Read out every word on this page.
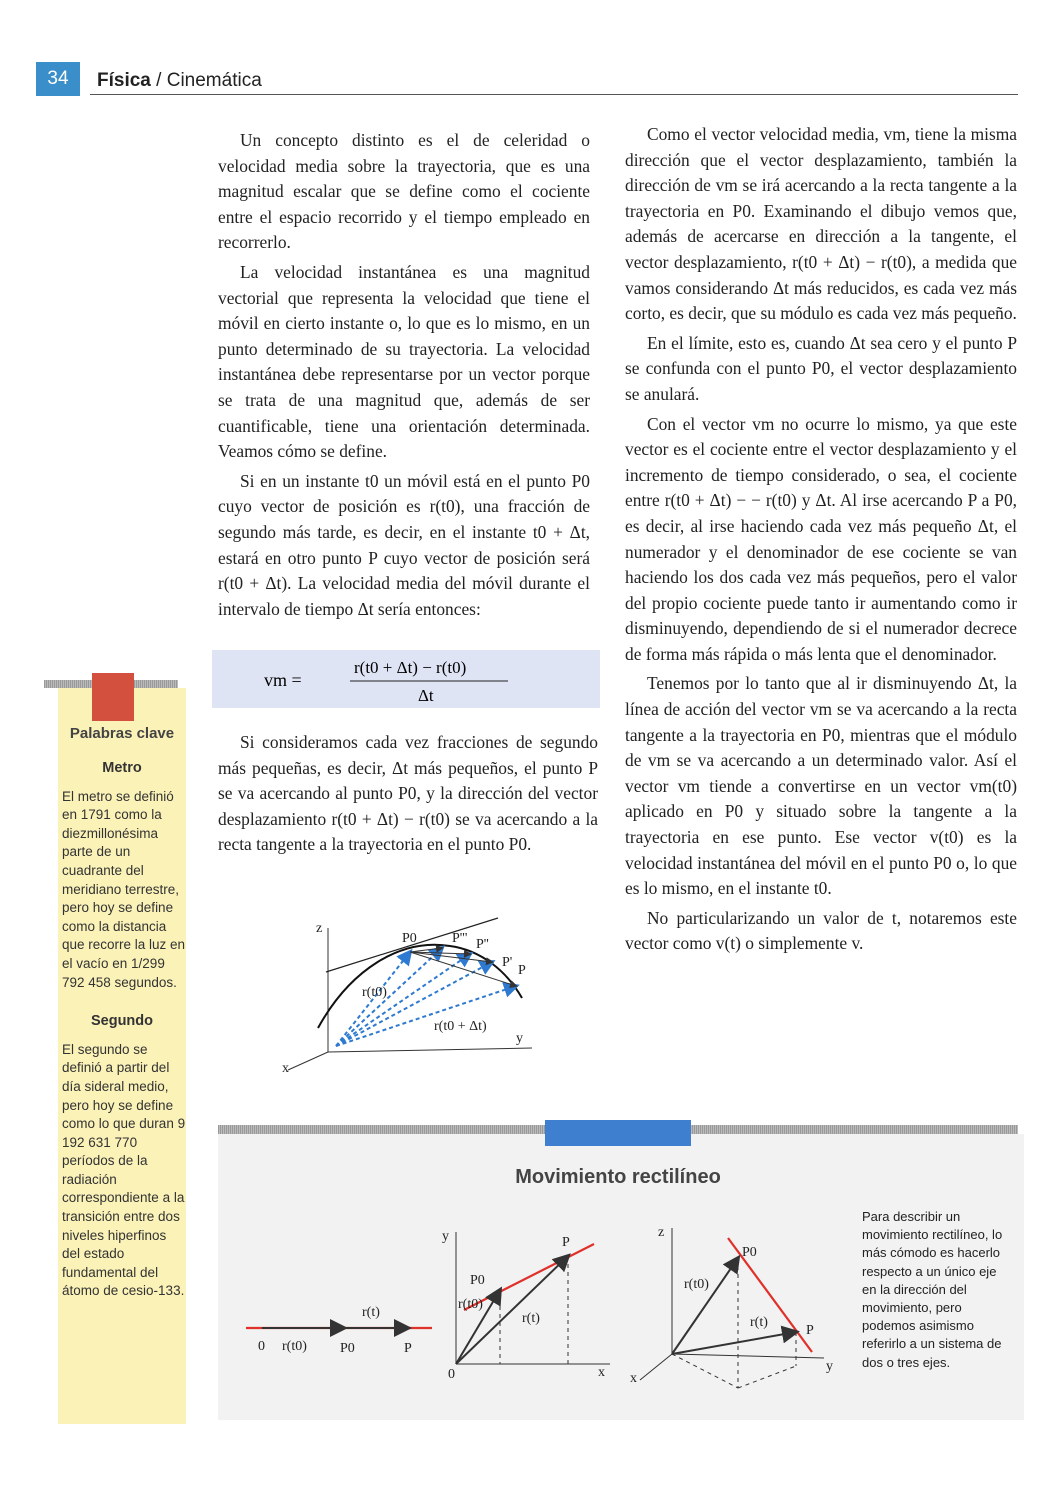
34	Física / Cinemática

Un concepto distinto es el de celeridad o velocidad media sobre la trayectoria, que es una magnitud escalar que se define como el cociente entre el espacio recorrido y el tiempo empleado en recorrerlo.

La velocidad instantánea es una magnitud vectorial que representa la velocidad que tiene el móvil en cierto instante o, lo que es lo mismo, en un punto determinado de su trayectoria. La velocidad instantánea debe representarse por un vector porque se trata de una magnitud que, además de ser cuantificable, tiene una orientación determinada. Veamos cómo se define.

Si en un instante t0 un móvil está en el punto P0 cuyo vector de posición es r(t0), una fracción de segundo más tarde, es decir, en el instante t0 + Δt, estará en otro punto P cuyo vector de posición será r(t0 + Δt). La velocidad media del móvil durante el intervalo de tiempo Δt sería entonces:

vm =
r(t0 + Δt) − r(t0)
Δt

Si consideramos cada vez fracciones de segundo más pequeñas, es decir, Δt más pequeños, el punto P se va acercando al punto P0, y la dirección del vector desplazamiento r(t0 + Δt) − r(t0) se va acercando a la recta tangente a la trayectoria en el punto P0.

z
y
x
P0	P''' P''
P'
P
r(t0)
r(t0 + Δt)

Como el vector velocidad media, vm, tiene la misma dirección que el vector desplazamiento, también la dirección de vm se irá acercando a la recta tangente a la trayectoria en P0. Examinando el dibujo vemos que, además de acercarse en dirección a la tangente, el vector desplazamiento, r(t0 + Δt) − r(t0), a medida que vamos considerando Δt más reducidos, es cada vez más corto, es decir, que su módulo es cada vez más pequeño.

En el límite, esto es, cuando Δt sea cero y el punto P se confunda con el punto P0, el vector desplazamiento se anulará.

Con el vector vm no ocurre lo mismo, ya que este vector es el cociente entre el vector desplazamiento y el incremento de tiempo considerado, o sea, el cociente entre r(t0 + Δt) − − r(t0) y Δt. Al irse acercando P a P0, es decir, al irse haciendo cada vez más pequeño Δt, el numerador y el denominador de ese cociente se van haciendo los dos cada vez más pequeños, pero el valor del propio cociente puede tanto ir aumentando como ir disminuyendo, dependiendo de si el numerador decrece de forma más rápida o más lenta que el denominador.

Tenemos por lo tanto que al ir disminuyendo Δt, la línea de acción del vector vm se va acercando a la recta tangente a la trayectoria en P0, mientras que el módulo de vm se va acercando a un determinado valor. Así el vector vm tiende a convertirse en un vector vm(t0) aplicado en P0 y situado sobre la tangente a la trayectoria en ese punto. Ese vector v(t0) es la velocidad instantánea del móvil en el punto P0 o, lo que es lo mismo, en el instante t0.

No particularizando un valor de t, notaremos este vector como v(t) o simplemente v.

Palabras clave
Metro
El metro se definió en 1791 como la diezmillonésima parte de un cuadrante del meridiano terrestre, pero hoy se define como la distancia que recorre la luz en el vacío en 1/299 792 458 segundos.
Segundo
El segundo se definió a partir del día sideral medio, pero hoy se define como lo que duran 9 192 631 770 períodos de la radiación correspondiente a la transición entre dos niveles hiperfinos del estado fundamental del átomo de cesio-133.
Movimiento rectilíneo
0 r(t0) P0	P
r(t)
y
x
0
P0
P
r(t0)
r(t)
z
y
x
P0
P
r(t0)
r(t)
Para describir un movimiento rectilíneo, lo más cómodo es hacerlo respecto a un único eje en la dirección del movimiento, pero podemos asimismo referirlo a un sistema de dos o tres ejes.
